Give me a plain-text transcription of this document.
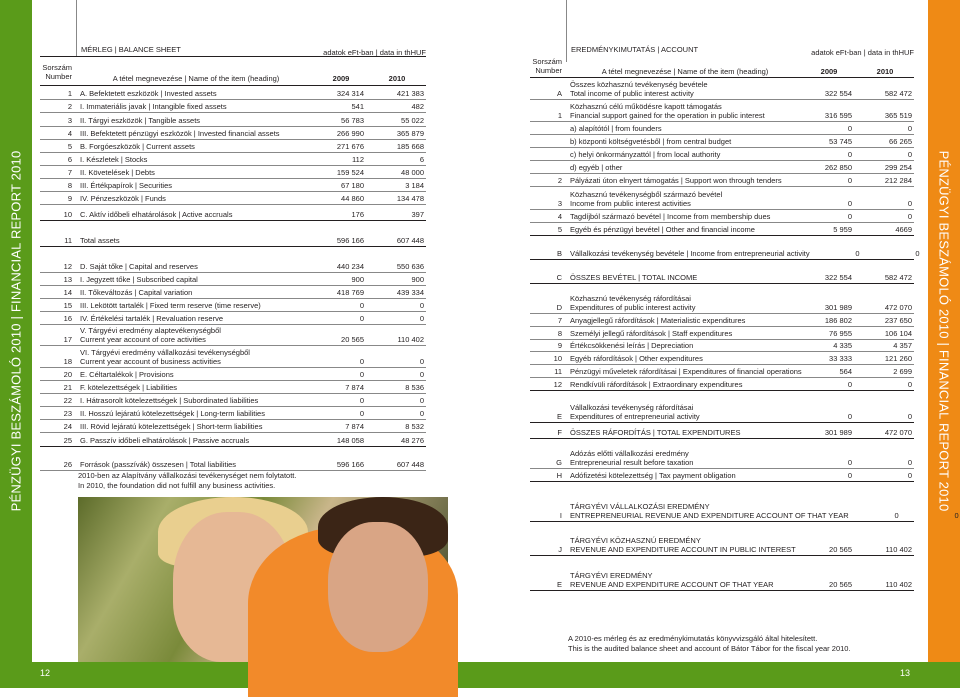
PÉNZÜGYI BESZÁMOLÓ 2010 | FINANCIAL REPORT 2010	PÉNZÜGYI BESZÁMOLÓ 2010 | FINANCIAL REPORT 2010
12	13
MÉRLEG | BALANCE SHEET	adatok eFt-ban | data in thHUF
Sorszám Number	A tétel megnevezése | Name of the item (heading)	2009	2010
1	A. Befektetett eszközök | Invested assets	324 314	421 383
2	I. Immateriális javak | Intangible fixed assets	541	482
3	II. Tárgyi eszközök | Tangible assets	56 783	55 022
4	III. Befektetett pénzügyi eszközök | Invested financial assets	266 990	365 879
5	B. Forgóeszközök | Current assets	271 676	185 668
6	I. Készletek | Stocks	112	6
7	II. Követelések | Debts	159 524	48 000
8	III. Értékpapírok | Securities	67 180	3 184
9	IV. Pénzeszközök | Funds	44 860	134 478
10	C. Aktív időbeli elhatárolások | Active accruals	176	397
11	Total assets	596 166	607 448
12	D. Saját tőke | Capital and reserves	440 234	550 636
13	I. Jegyzett tőke | Subscribed capital	900	900
14	II. Tőkeváltozás | Capital variation	418 769	439 334
15	III. Lekötött tartalék | Fixed term reserve (time reserve)	0	0
16	IV. Értékelési tartalék | Revaluation reserve	0	0
17
V. Tárgyévi eredmény alaptevékenységből
Current year account of core activities	20 565	110 402
18
VI. Tárgyévi eredmény vállalkozási tevékenységből
Current year account of business activities	0	0
20	E. Céltartalékok | Provisions	0	0
21	F. kötelezettségek | Liabilities	7 874	8 536
22	I. Hátrasorolt kötelezettségek | Subordinated liabilities	0	0
23	II. Hosszú lejáratú kötelezettségek | Long-term liabilities	0	0
24	III. Rövid lejáratú kötelezettségek | Short-term liabilities	7 874	8 532
25	G. Passzív időbeli elhatárolások | Passive accruals	148 058	48 276
26	Források (passzívák) összesen | Total liabilities	596 166	607 448
2010-ben az Alapítvány vállalkozási tevékenységet nem folytatott.
In 2010, the foundation did not fulfill any business activities.
EREDMÉNYKIMUTATÁS | ACCOUNT	adatok eFt-ban | data in thHUF
Sorszám Number	A tétel megnevezése | Name of the item (heading)	2009	2010
A
Összes közhasznú tevékenység bevétele
Total income of public interest activity	322 554	582 472
1
Közhasznú célú működésre kapott támogatás
Financial support gained for the operation in public interest	316 595	365 519
a) alapítótól | from founders	0	0
b) központi költségvetésből | from central budget	53 745	66 265
c) helyi önkormányzattól | from local authority	0	0
d) egyéb | other	262 850	299 254
2	Pályázati úton elnyert támogatás | Support won through tenders	0	212 284
3
Közhasznú tevékenységből származó bevétel
Income from public interest activities	0	0
4	Tagdíjból származó bevétel | Income from membership dues	0	0
5	Egyéb és pénzügyi bevétel | Other and financial income	5 959	4669
B	Vállalkozási tevékenység bevétele | Income from entrepreneurial activity	0	0
C	ÖSSZES BEVÉTEL | TOTAL INCOME	322 554	582 472
D
Közhasznú tevékenység ráfordításai
Expenditures of public interest activity	301 989	472 070
7	Anyagjellegű ráfordítások | Materialistic expenditures	186 802	237 650
8	Személyi jellegű ráfordítások | Staff expenditures	76 955	106 104
9	Értékcsökkenési leírás | Depreciation	4 335	4 357
10	Egyéb ráfordítások | Other expenditures	33 333	121 260
11	Pénzügyi műveletek ráfordításai | Expenditures of financial operations	564	2 699
12	Rendkívüli ráfordítások | Extraordinary expenditures	0	0
E
Vállalkozási tevékenység ráfordításai
Expenditures of entrepreneurial activity	0	0
F	ÖSSZES RÁFORDÍTÁS | TOTAL EXPENDITURES	301 989	472 070
G
Adózás előtti vállalkozási eredmény
Entrepreneurial result before taxation	0	0
H	Adófizetési kötelezettség | Tax payment obligation	0	0
I
TÁRGYÉVI VÁLLALKOZÁSI EREDMÉNY
ENTREPRENEURIAL REVENUE AND EXPENDITURE ACCOUNT OF THAT YEAR	0	0
J
TÁRGYÉVI KÖZHASZNÚ EREDMÉNY
REVENUE AND EXPENDITURE ACCOUNT IN PUBLIC INTEREST	20 565	110 402
E
TÁRGYÉVI EREDMÉNY
REVENUE AND EXPENDITURE ACCOUNT OF THAT YEAR	20 565	110 402
A 2010-es mérleg és az eredménykimutatás könyvvizsgáló által hitelesített.
This is the audited balance sheet and account of Bátor Tábor for the fiscal year 2010.
